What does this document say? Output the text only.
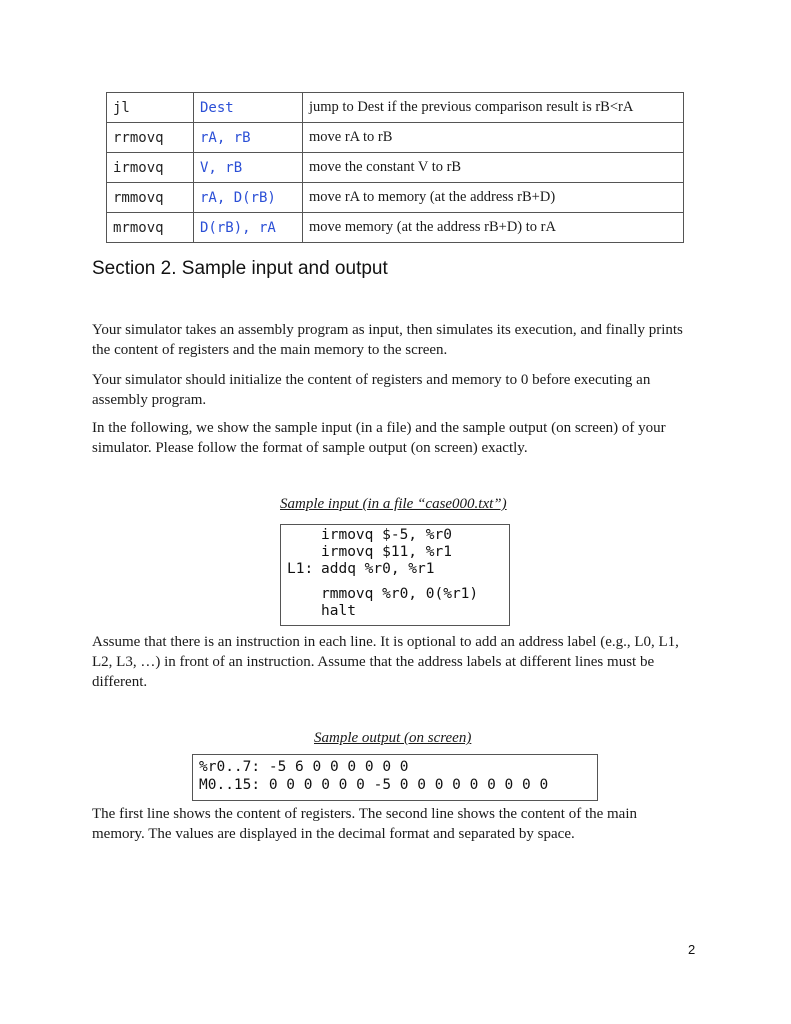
jl	Dest	jump to Dest if the previous comparison result is rB<rA
rrmovq	rA, rB	move rA to rB
irmovq	V, rB	move the constant V to rB
rmmovq	rA, D(rB)	move rA to memory (at the address rB+D)
mrmovq	D(rB), rA	move memory (at the address rB+D) to rA
Section 2. Sample input and output

Your simulator takes an assembly program as input, then simulates its execution, and finally prints the content of registers and the main memory to the screen.

Your simulator should initialize the content of registers and memory to 0 before executing an assembly program.

In the following, we show the sample input (in a file) and the sample output (on screen) of your simulator. Please follow the format of sample output (on screen) exactly.

Sample input (in a file “case000.txt”)
irmovq $-5, %r0
irmovq $11, %r1
L1: addq %r0, %r1
rmmovq %r0, 0(%r1)
halt

Assume that there is an instruction in each line. It is optional to add an address label (e.g., L0, L1, L2, L3, …) in front of an instruction. Assume that the address labels at different lines must be different.

Sample output (on screen)
%r0..7: -5 6 0 0 0 0 0 0
M0..15: 0 0 0 0 0 0 -5 0 0 0 0 0 0 0 0 0

The first line shows the content of registers. The second line shows the content of the main memory. The values are displayed in the decimal format and separated by space.

2
